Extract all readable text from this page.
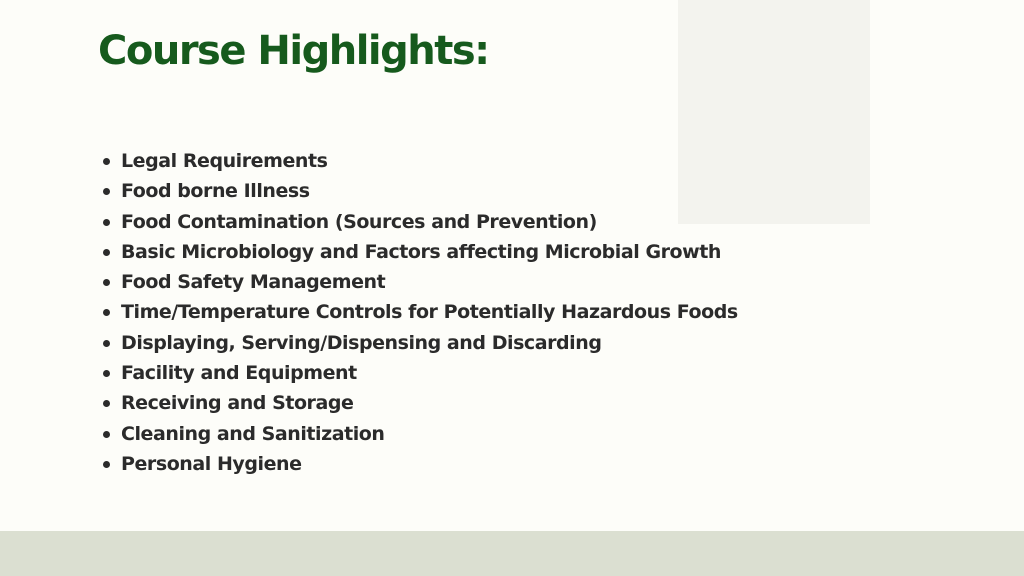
Course Highlights:
Legal Requirements
Food borne Illness
Food Contamination (Sources and Prevention)
Basic Microbiology and Factors affecting Microbial Growth
Food Safety Management
Time/Temperature Controls for Potentially Hazardous Foods
Displaying, Serving/Dispensing and Discarding
Facility and Equipment
Receiving and Storage
Cleaning and Sanitization
Personal Hygiene
